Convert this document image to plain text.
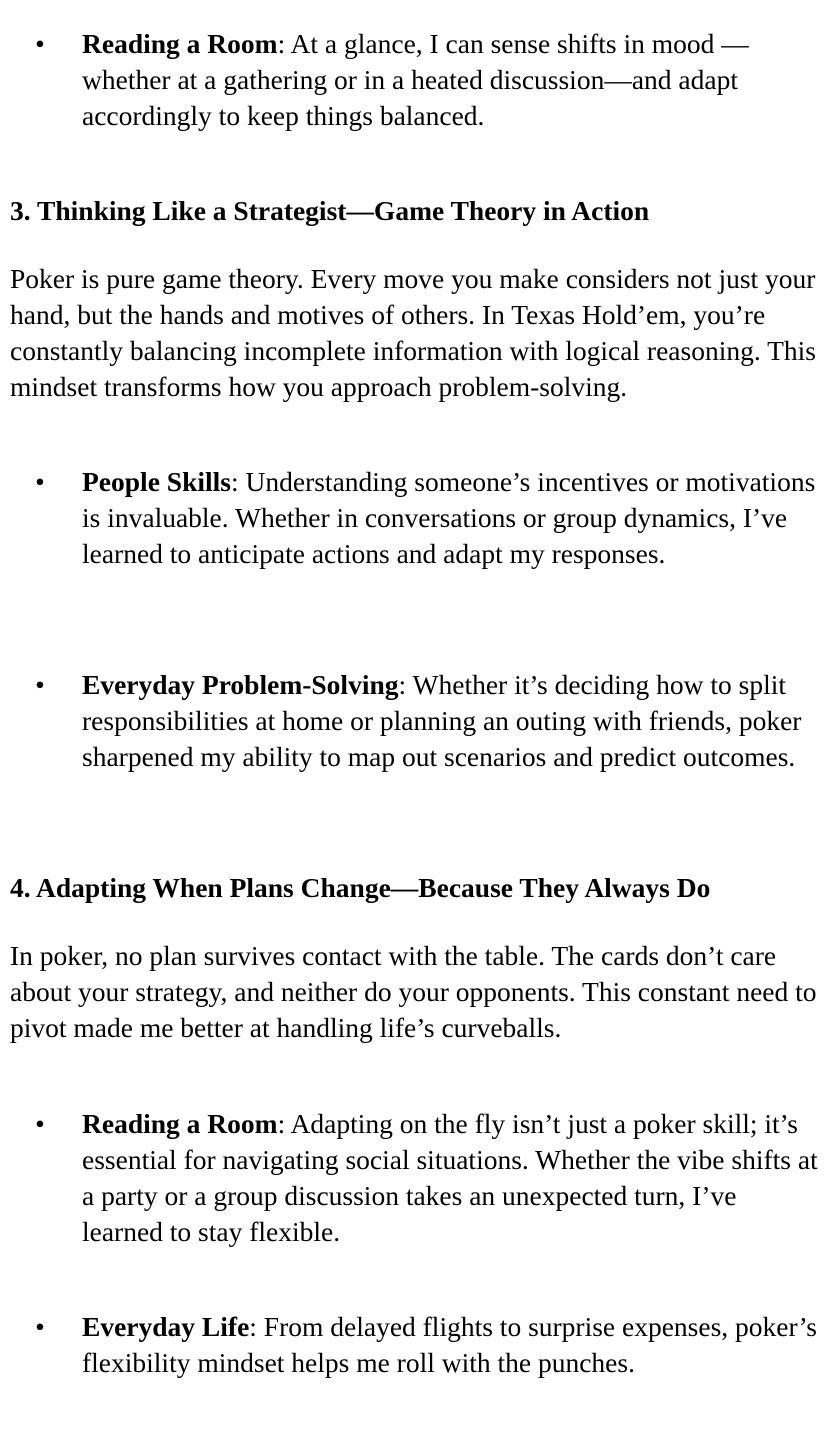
• Reading a Room: At a glance, I can sense shifts in mood —whether at a gathering or in a heated discussion—and adapt accordingly to keep things balanced.
3. Thinking Like a Strategist—Game Theory in Action
Poker is pure game theory. Every move you make considers not just your hand, but the hands and motives of others. In Texas Hold’em, you’re constantly balancing incomplete information with logical reasoning. This mindset transforms how you approach problem-solving.
• People Skills: Understanding someone’s incentives or motivations is invaluable. Whether in conversations or group dynamics, I’ve learned to anticipate actions and adapt my responses.
• Everyday Problem-Solving: Whether it’s deciding how to split responsibilities at home or planning an outing with friends, poker sharpened my ability to map out scenarios and predict outcomes.
4. Adapting When Plans Change—Because They Always Do
In poker, no plan survives contact with the table. The cards don’t care about your strategy, and neither do your opponents. This constant need to pivot made me better at handling life’s curveballs.
• Reading a Room: Adapting on the fly isn’t just a poker skill; it’s essential for navigating social situations. Whether the vibe shifts at a party or a group discussion takes an unexpected turn, I’ve learned to stay flexible.
• Everyday Life: From delayed flights to surprise expenses, poker’s flexibility mindset helps me roll with the punches.
